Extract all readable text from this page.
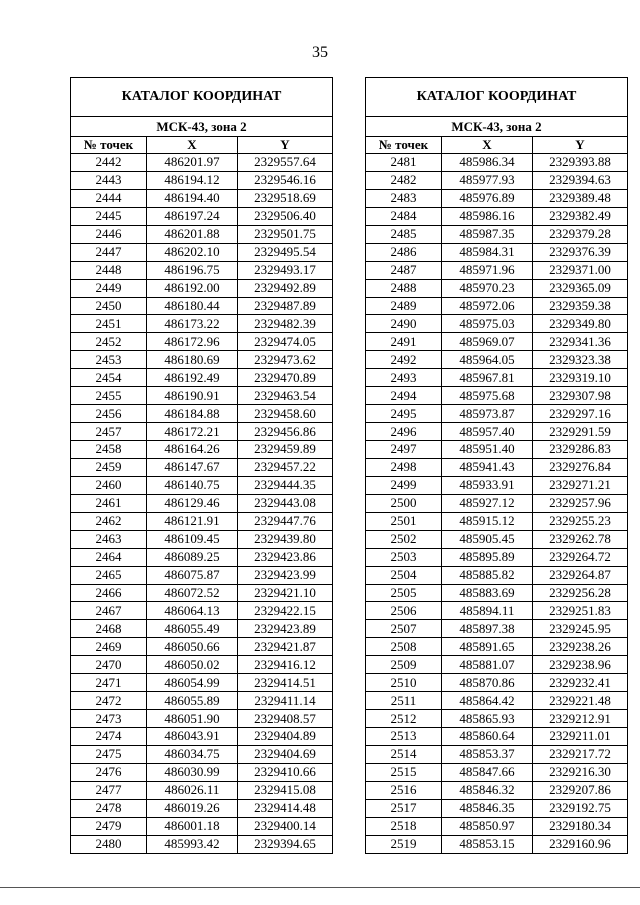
35
КАТАЛОГ КООРДИНАТ		
МСК-43, зона 2		
№ точек	X	Y
2442	486201.97	2329557.64
2443	486194.12	2329546.16
2444	486194.40	2329518.69
2445	486197.24	2329506.40
2446	486201.88	2329501.75
2447	486202.10	2329495.54
2448	486196.75	2329493.17
2449	486192.00	2329492.89
2450	486180.44	2329487.89
2451	486173.22	2329482.39
2452	486172.96	2329474.05
2453	486180.69	2329473.62
2454	486192.49	2329470.89
2455	486190.91	2329463.54
2456	486184.88	2329458.60
2457	486172.21	2329456.86
2458	486164.26	2329459.89
2459	486147.67	2329457.22
2460	486140.75	2329444.35
2461	486129.46	2329443.08
2462	486121.91	2329447.76
2463	486109.45	2329439.80
2464	486089.25	2329423.86
2465	486075.87	2329423.99
2466	486072.52	2329421.10
2467	486064.13	2329422.15
2468	486055.49	2329423.89
2469	486050.66	2329421.87
2470	486050.02	2329416.12
2471	486054.99	2329414.51
2472	486055.89	2329411.14
2473	486051.90	2329408.57
2474	486043.91	2329404.89
2475	486034.75	2329404.69
2476	486030.99	2329410.66
2477	486026.11	2329415.08
2478	486019.26	2329414.48
2479	486001.18	2329400.14
2480	485993.42	2329394.65
КАТАЛОГ КООРДИНАТ		
МСК-43, зона 2		
№ точек	X	Y
2481	485986.34	2329393.88
2482	485977.93	2329394.63
2483	485976.89	2329389.48
2484	485986.16	2329382.49
2485	485987.35	2329379.28
2486	485984.31	2329376.39
2487	485971.96	2329371.00
2488	485970.23	2329365.09
2489	485972.06	2329359.38
2490	485975.03	2329349.80
2491	485969.07	2329341.36
2492	485964.05	2329323.38
2493	485967.81	2329319.10
2494	485975.68	2329307.98
2495	485973.87	2329297.16
2496	485957.40	2329291.59
2497	485951.40	2329286.83
2498	485941.43	2329276.84
2499	485933.91	2329271.21
2500	485927.12	2329257.96
2501	485915.12	2329255.23
2502	485905.45	2329262.78
2503	485895.89	2329264.72
2504	485885.82	2329264.87
2505	485883.69	2329256.28
2506	485894.11	2329251.83
2507	485897.38	2329245.95
2508	485891.65	2329238.26
2509	485881.07	2329238.96
2510	485870.86	2329232.41
2511	485864.42	2329221.48
2512	485865.93	2329212.91
2513	485860.64	2329211.01
2514	485853.37	2329217.72
2515	485847.66	2329216.30
2516	485846.32	2329207.86
2517	485846.35	2329192.75
2518	485850.97	2329180.34
2519	485853.15	2329160.96
